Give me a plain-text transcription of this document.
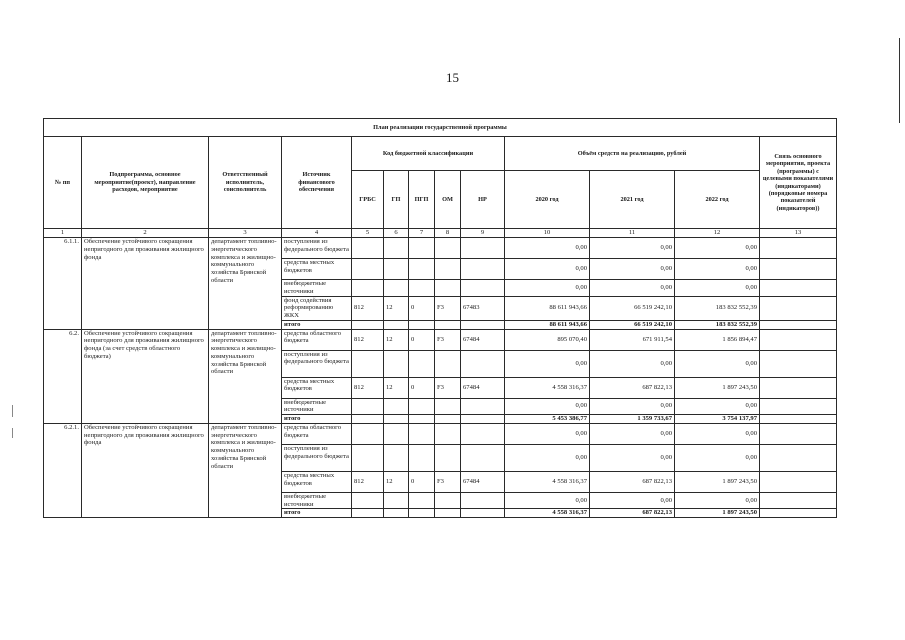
15
План реализации государственной программы												
№ пп	Подпрограмма, основное мероприятие(проект), направление расходов, мероприятие	Ответственный исполнитель, соисполнитель	Источник финансового обеспечения	Код бюджетной классификации					Объём средств на реализацию, рублей			Связь основного мероприятия, проекта (программы) с целевыми показателями (индикаторами) (порядковые номера показателей (индикаторов))
				ГРБС	ГП	ПГП	ОМ	НР	2020 год	2021 год	2022 год	
1	2	3	4	5	6	7	8	9	10	11	12	13
6.1.1.	Обеспечение устойчивого сокращения непригодного для проживания жилищного фонда	департамент топливно-энергетического комплекса и жилищно-коммунального хозяйства Брянской области	поступления из федерального бюджета						0,00	0,00	0,00	
			средства местных бюджетов						0,00	0,00	0,00	
			внебюджетные источники						0,00	0,00	0,00	
			фонд содействия реформированию ЖКХ	812	12	0	F3	67483	88 611 943,66	66 519 242,10	183 832 552,39	
			итого						88 611 943,66	66 519 242,10	183 832 552,39	
6.2.	Обеспечение устойчивого сокращения непригодного для проживания жилищного фонда (за счет средств областного бюджета)	департамент топливно-энергетического комплекса и жилищно-коммунального хозяйства Брянской области	средства областного бюджета	812	12	0	F3	67484	895 070,40	671 911,54	1 856 894,47	
			поступления из федерального бюджета						0,00	0,00	0,00	
			средства местных бюджетов	812	12	0	F3	67484	4 558 316,37	687 822,13	1 897 243,50	
			внебюджетные источники						0,00	0,00	0,00	
			итого						5 453 386,77	1 359 733,67	3 754 137,97	
6.2.1.	Обеспечение устойчивого сокращения непригодного для проживания жилищного фонда	департамент топливно-энергетического комплекса и жилищно-коммунального хозяйства Брянской области	средства областного бюджета						0,00	0,00	0,00	
			поступления из федерального бюджета						0,00	0,00	0,00	
			средства местных бюджетов	812	12	0	F3	67484	4 558 316,37	687 822,13	1 897 243,50	
			внебюджетные источники						0,00	0,00	0,00	
			итого						4 558 316,37	687 822,13	1 897 243,50	
